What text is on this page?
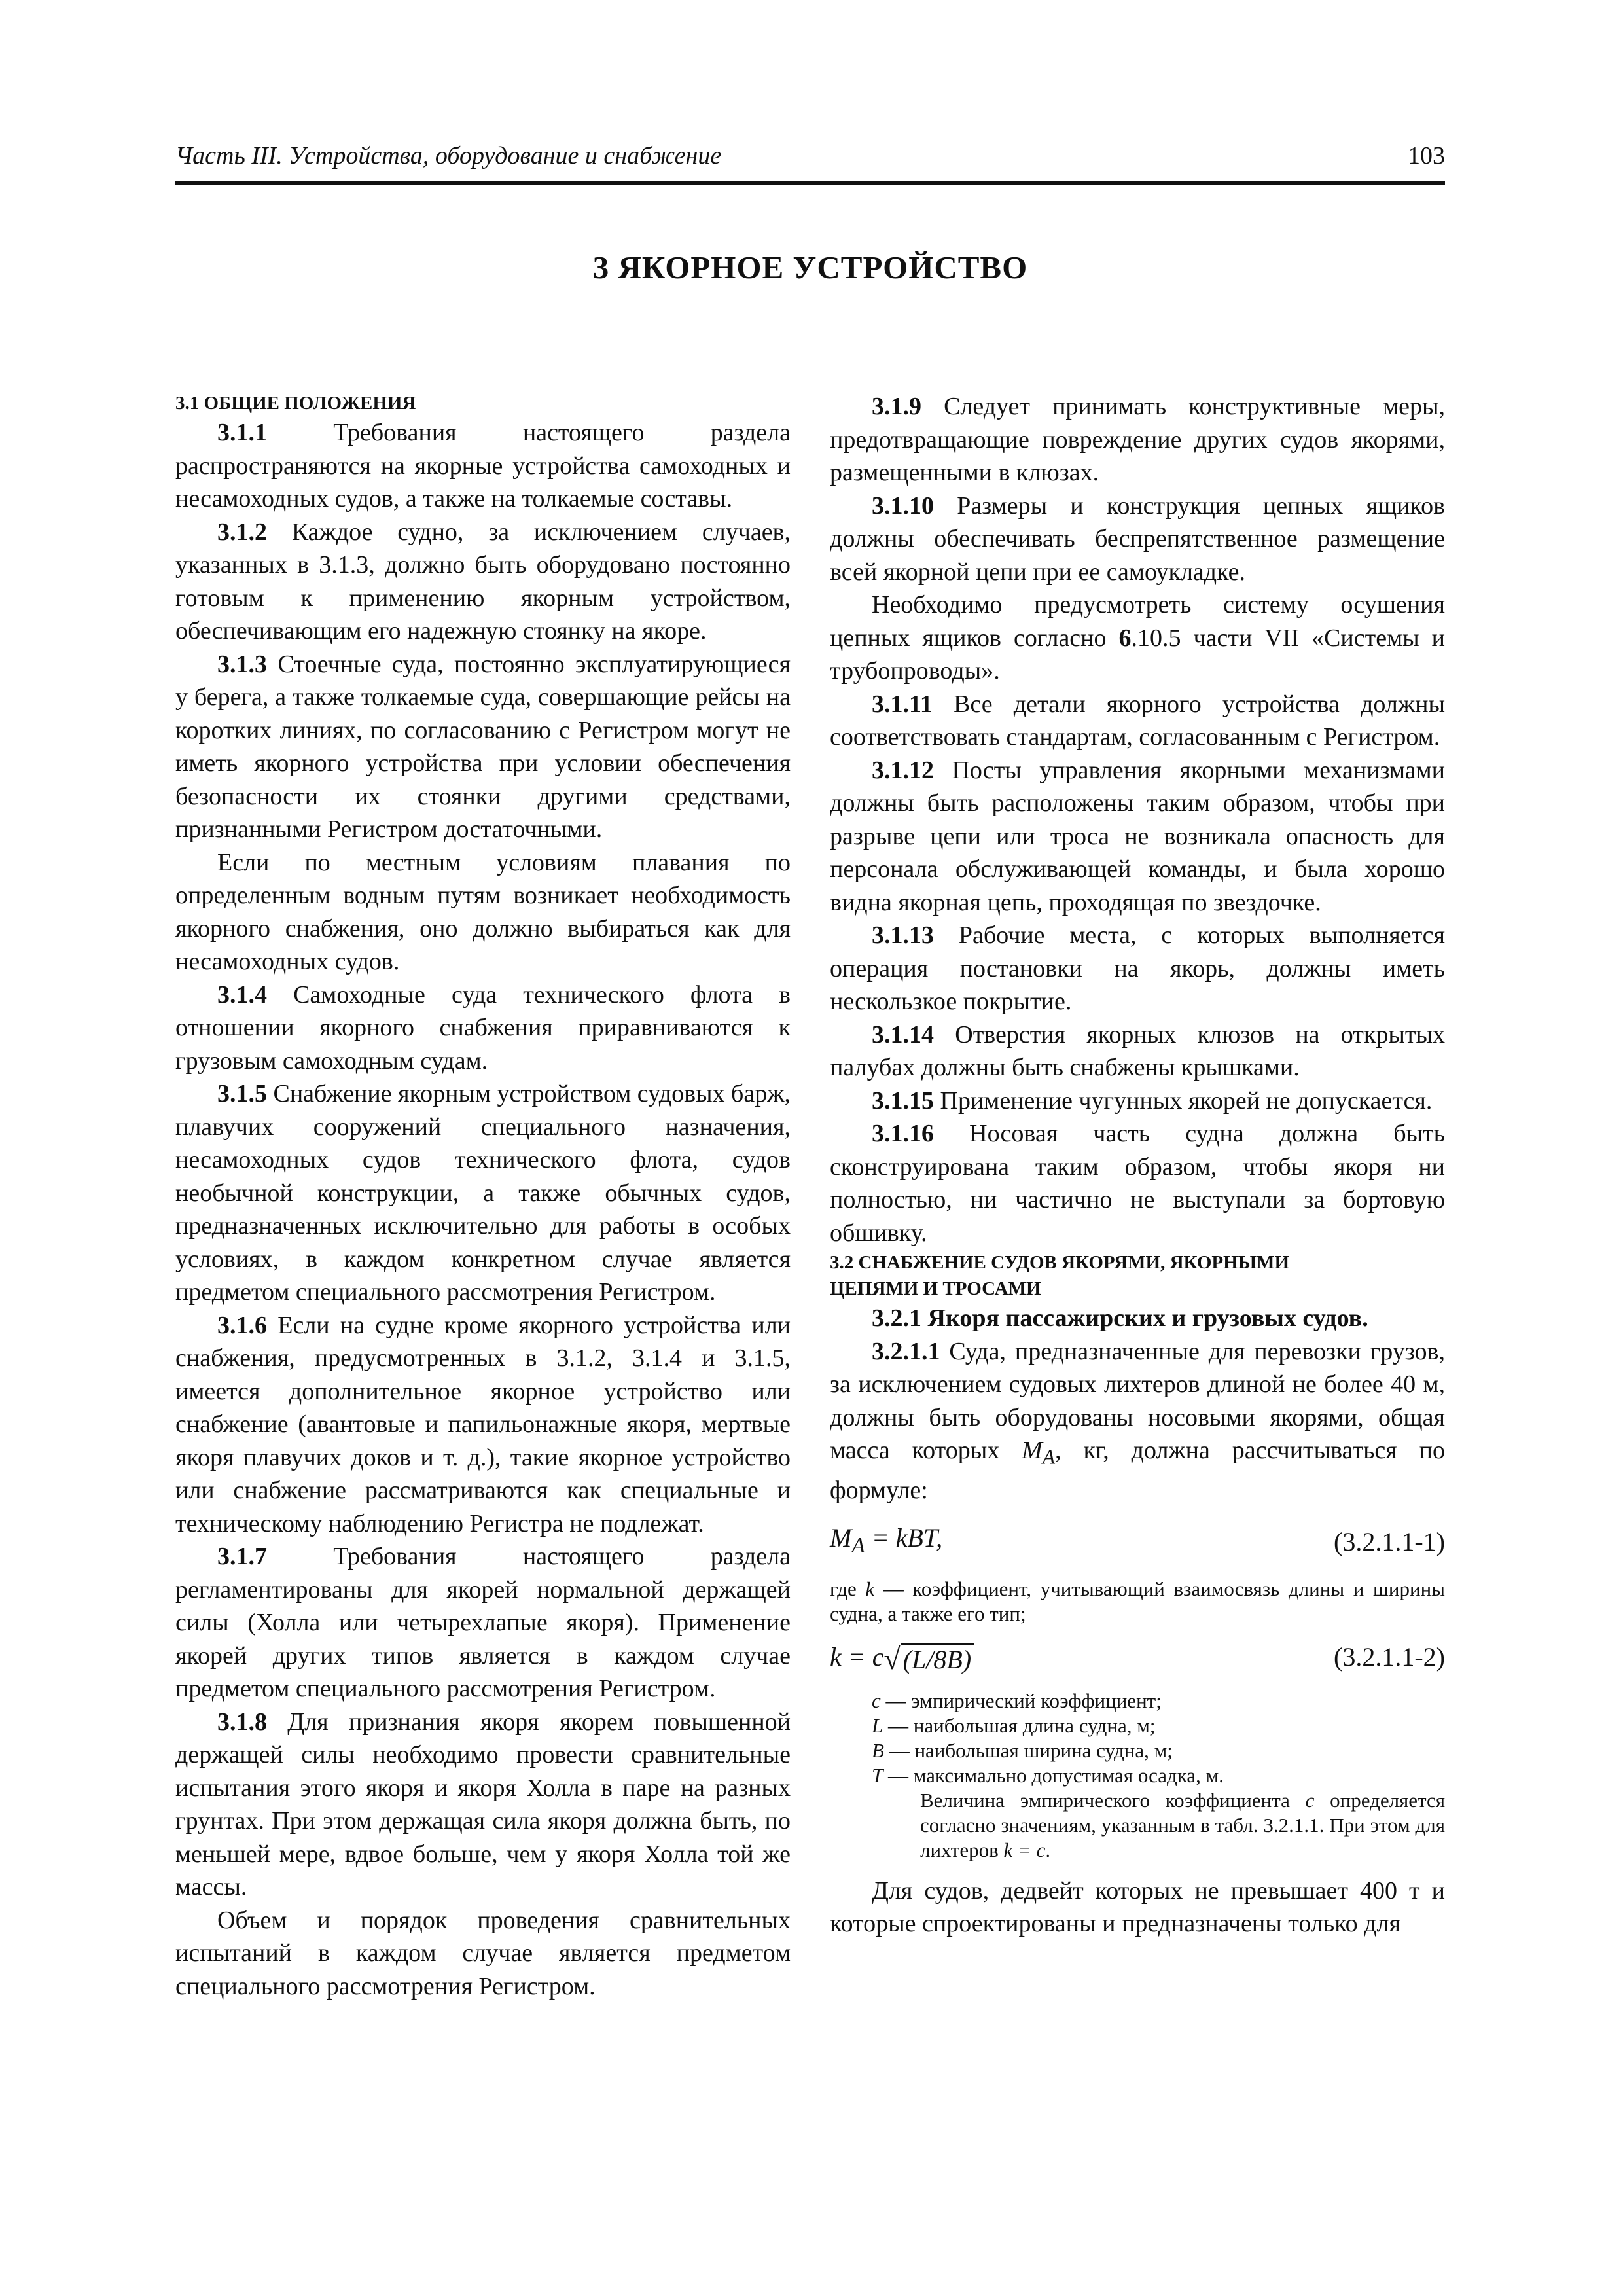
Часть III. Устройства, оборудование и снабжение	103
3 ЯКОРНОЕ УСТРОЙСТВО

3.1 ОБЩИЕ ПОЛОЖЕНИЯ

3.1.1	Требования настоящего раздела распространяются на якорные устройства самоходных и несамоходных судов, а также на толкаемые составы.

3.1.2 Каждое судно, за исключением случаев, указанных в 3.1.3, должно быть оборудовано постоянно готовым к применению якорным устройством, обеспечивающим его надежную стоянку на якоре.

3.1.3 Стоечные суда, постоянно эксплуатирующиеся у берега, а также толкаемые суда, совершающие рейсы на коротких линиях, по согласованию с Регистром могут не иметь якорного устройства при условии обеспечения безопасности их стоянки другими средствами, признанными Регистром достаточными.

Если по местным условиям плавания по определенным водным путям возникает необходимость якорного снабжения, оно должно выбираться как для несамоходных судов.

3.1.4 Самоходные суда технического флота в отношении якорного снабжения приравниваются к грузовым самоходным судам.

3.1.5 Снабжение якорным устройством судовых барж, плавучих сооружений специального назначения, несамоходных судов технического флота, судов необычной конструкции, а также обычных судов, предназначенных исключительно для работы в особых условиях, в каждом конкретном случае является предметом специального рассмотрения Регистром.

3.1.6 Если на судне кроме якорного устройства или снабжения, предусмотренных в 3.1.2, 3.1.4 и 3.1.5, имеется дополнительное якорное устройство или снабжение (авантовые и папильонажные якоря, мертвые якоря плавучих доков и т. д.), такие якорное устройство или снабжение рассматриваются как специальные и техническому наблюдению Регистра не подлежат.

3.1.7	Требования настоящего раздела регламентированы для якорей нормальной держащей силы (Холла или четырехлапые якоря). Применение якорей других типов является в каждом случае предметом специального рассмотрения Регистром.

3.1.8 Для признания якоря якорем повышенной держащей силы необходимо провести сравнительные испытания этого якоря и якоря Холла в паре на разных грунтах. При этом держащая сила якоря должна быть, по меньшей мере, вдвое больше, чем у якоря Холла той же массы.

Объем и порядок проведения сравнительных испытаний в каждом случае является предметом специального рассмотрения Регистром.

3.1.9 Следует принимать конструктивные меры, предотвращающие повреждение других судов якорями, размещенными в клюзах.

3.1.10 Размеры и конструкция цепных ящиков должны обеспечивать беспрепятственное размещение всей якорной цепи при ее самоукладке.

Необходимо предусмотреть систему осушения цепных ящиков согласно 6.10.5 части VII «Системы и трубопроводы».

3.1.11 Все детали якорного устройства должны соответствовать стандартам, согласованным с Регистром.

3.1.12 Посты управления якорными механизмами должны быть расположены таким образом, чтобы при разрыве цепи или троса не возникала опасность для персонала обслуживающей команды, и была хорошо видна якорная цепь, проходящая по звездочке.

3.1.13 Рабочие места, с которых выполняется операция постановки на якорь, должны иметь нескользкое покрытие.

3.1.14 Отверстия якорных клюзов на открытых палубах должны быть снабжены крышками.

3.1.15 Применение чугунных якорей не допускается.

3.1.16 Носовая часть судна должна быть сконструирована таким образом, чтобы якоря ни полностью, ни частично не выступали за бортовую обшивку.

3.2 СНАБЖЕНИЕ СУДОВ ЯКОРЯМИ, ЯКОРНЫМИ
ЦЕПЯМИ И ТРОСАМИ

3.2.1 Якоря пассажирских и грузовых судов.

3.2.1.1 Суда, предназначенные для перевозки грузов, за исключением судовых лихтеров длиной не более 40 м, должны быть оборудованы носовыми якорями, общая масса которых $M_A$, кг, должна рассчитываться по формуле:

$M_A$ = kBT,	(3.2.1.1-1)

где k — коэффициент, учитывающий взаимосвязь длины и ширины судна, а также его тип;

k = c √ (L/8B)	(3.2.1.1-2)
c — эмпирический коэффициент;
L — наибольшая длина судна, м;
B — наибольшая ширина судна, м;
T — максимально допустимая осадка, м.
Величина эмпирического коэффициента c определяется согласно значениям, указанным в табл. 3.2.1.1. При этом для лихтеров k = c.

Для судов, дедвейт которых не превышает 400 т и которые спроектированы и предназначены только для
